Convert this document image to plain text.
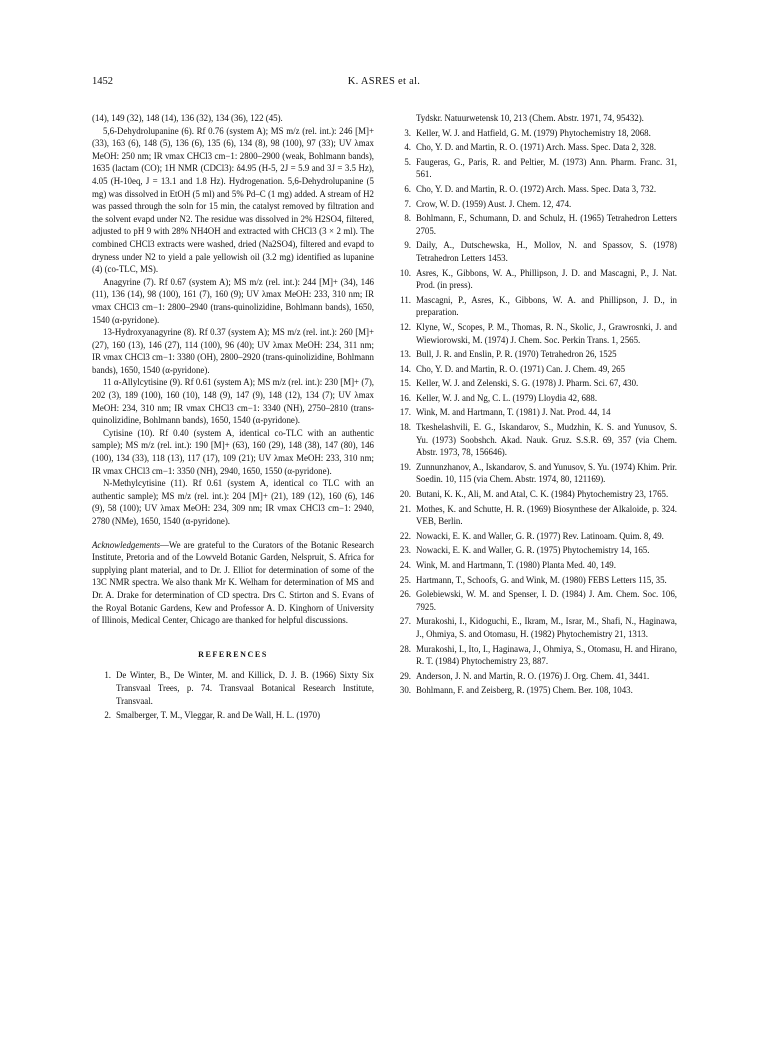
1452	K. ASRES et al.

(14), 149 (32), 148 (14), 136 (32), 134 (36), 122 (45).

5,6-Dehydrolupanine (6). Rf 0.76 (system A); MS m/z (rel. int.): 246 [M]+ (33), 163 (6), 148 (5), 136 (6), 135 (6), 134 (8), 98 (100), 97 (33); UV λmax MeOH: 250 nm; IR νmax CHCl3 cm−1: 2800–2900 (weak, Bohlmann bands), 1635 (lactam (CO); 1H NMR (CDCl3): δ4.95 (H-5, 2J = 5.9 and 3J = 3.5 Hz), 4.05 (H-10eq, J = 13.1 and 1.8 Hz). Hydrogenation. 5,6-Dehydrolupanine (5 mg) was dissolved in EtOH (5 ml) and 5% Pd–C (1 mg) added. A stream of H2 was passed through the soln for 15 min, the catalyst removed by filtration and the solvent evapd under N2. The residue was dissolved in 2% H2SO4, filtered, adjusted to pH 9 with 28% NH4OH and extracted with CHCl3 (3 × 2 ml). The combined CHCl3 extracts were washed, dried (Na2SO4), filtered and evapd to dryness under N2 to yield a pale yellowish oil (3.2 mg) identified as lupanine (4) (co-TLC, MS).

Anagyrine (7). Rf 0.67 (system A); MS m/z (rel. int.): 244 [M]+ (34), 146 (11), 136 (14), 98 (100), 161 (7), 160 (9); UV λmax MeOH: 233, 310 nm; IR νmax CHCl3 cm−1: 2800–2940 (trans-quinolizidine, Bohlmann bands), 1650, 1540 (α-pyridone).

13-Hydroxyanagyrine (8). Rf 0.37 (system A); MS m/z (rel. int.): 260 [M]+ (27), 160 (13), 146 (27), 114 (100), 96 (40); UV λmax MeOH: 234, 311 nm; IR νmax CHCl3 cm−1: 3380 (OH), 2800–2920 (trans-quinolizidine, Bohlmann bands), 1650, 1540 (α-pyridone).

11 α-Allylcytisine (9). Rf 0.61 (system A); MS m/z (rel. int.): 230 [M]+ (7), 202 (3), 189 (100), 160 (10), 148 (9), 147 (9), 148 (12), 134 (7); UV λmax MeOH: 234, 310 nm; IR νmax CHCl3 cm−1: 3340 (NH), 2750–2810 (trans-quinolizidine, Bohlmann bands), 1650, 1540 (α-pyridone).

Cytisine (10). Rf 0.40 (system A, identical co-TLC with an authentic sample); MS m/z (rel. int.): 190 [M]+ (63), 160 (29), 148 (38), 147 (80), 146 (100), 134 (33), 118 (13), 117 (17), 109 (21); UV λmax MeOH: 233, 310 nm; IR νmax CHCl3 cm−1: 3350 (NH), 2940, 1650, 1550 (α-pyridone).

N-Methylcytisine (11). Rf 0.61 (system A, identical co TLC with an authentic sample); MS m/z (rel. int.): 204 [M]+ (21), 189 (12), 160 (6), 146 (9), 58 (100); UV λmax MeOH: 234, 309 nm; IR νmax CHCl3 cm−1: 2940, 2780 (NMe), 1650, 1540 (α-pyridone).

Acknowledgements—We are grateful to the Curators of the Botanic Research Institute, Pretoria and of the Lowveld Botanic Garden, Nelspruit, S. Africa for supplying plant material, and to Dr. J. Elliot for determination of some of the 13C NMR spectra. We also thank Mr K. Welham for determination of MS and Dr. A. Drake for determination of CD spectra. Drs C. Stirton and S. Evans of the Royal Botanic Gardens, Kew and Professor A. D. Kinghorn of University of Illinois, Medical Center, Chicago are thanked for helpful discussions.

REFERENCES
1. De Winter, B., De Winter, M. and Killick, D. J. B. (1966) Sixty Six Transvaal Trees, p. 74. Transvaal Botanical Research Institute, Transvaal.
2. Smalberger, T. M., Vleggar, R. and De Wall, H. L. (1970)
Tydskr. Natuurwetensk 10, 213 (Chem. Abstr. 1971, 74, 95432).
3. Keller, W. J. and Hatfield, G. M. (1979) Phytochemistry 18, 2068.
4. Cho, Y. D. and Martin, R. O. (1971) Arch. Mass. Spec. Data 2, 328.
5. Faugeras, G., Paris, R. and Peltier, M. (1973) Ann. Pharm. Franc. 31, 561.
6. Cho, Y. D. and Martin, R. O. (1972) Arch. Mass. Spec. Data 3, 732.
7. Crow, W. D. (1959) Aust. J. Chem. 12, 474.
8. Bohlmann, F., Schumann, D. and Schulz, H. (1965) Tetrahedron Letters 2705.
9. Daily, A., Dutschewska, H., Mollov, N. and Spassov, S. (1978) Tetrahedron Letters 1453.
10. Asres, K., Gibbons, W. A., Phillipson, J. D. and Mascagni, P., J. Nat. Prod. (in press).
11. Mascagni, P., Asres, K., Gibbons, W. A. and Phillipson, J. D., in preparation.
12. Klyne, W., Scopes, P. M., Thomas, R. N., Skolic, J., Grawrosnki, J. and Wiewiorowski, M. (1974) J. Chem. Soc. Perkin Trans. 1, 2565.
13. Bull, J. R. and Enslin, P. R. (1970) Tetrahedron 26, 1525
14. Cho, Y. D. and Martin, R. O. (1971) Can. J. Chem. 49, 265
15. Keller, W. J. and Zelenski, S. G. (1978) J. Pharm. Sci. 67, 430.
16. Keller, W. J. and Ng, C. L. (1979) Lloydia 42, 688.
17. Wink, M. and Hartmann, T. (1981) J. Nat. Prod. 44, 14
18. Tkeshelashvili, E. G., Iskandarov, S., Mudzhin, K. S. and Yunusov, S. Yu. (1973) Soobshch. Akad. Nauk. Gruz. S.S.R. 69, 357 (via Chem. Abstr. 1973, 78, 156646).
19. Zunnunzhanov, A., Iskandarov, S. and Yunusov, S. Yu. (1974) Khim. Prir. Soedin. 10, 115 (via Chem. Abstr. 1974, 80, 121169).
20. Butani, K. K., Ali, M. and Atal, C. K. (1984) Phytochemistry 23, 1765.
21. Mothes, K. and Schutte, H. R. (1969) Biosynthese der Alkaloide, p. 324. VEB, Berlin.
22. Nowacki, E. K. and Waller, G. R. (1977) Rev. Latinoam. Quim. 8, 49.
23. Nowacki, E. K. and Waller, G. R. (1975) Phytochemistry 14, 165.
24. Wink, M. and Hartmann, T. (1980) Planta Med. 40, 149.
25. Hartmann, T., Schoofs, G. and Wink, M. (1980) FEBS Letters 115, 35.
26. Golebiewski, W. M. and Spenser, I. D. (1984) J. Am. Chem. Soc. 106, 7925.
27. Murakoshi, I., Kidoguchi, E., Ikram, M., Israr, M., Shafi, N., Haginawa, J., Ohmiya, S. and Otomasu, H. (1982) Phytochemistry 21, 1313.
28. Murakoshi, I., Ito, I., Haginawa, J., Ohmiya, S., Otomasu, H. and Hirano, R. T. (1984) Phytochemistry 23, 887.
29. Anderson, J. N. and Martin, R. O. (1976) J. Org. Chem. 41, 3441.
30. Bohlmann, F. and Zeisberg, R. (1975) Chem. Ber. 108, 1043.
